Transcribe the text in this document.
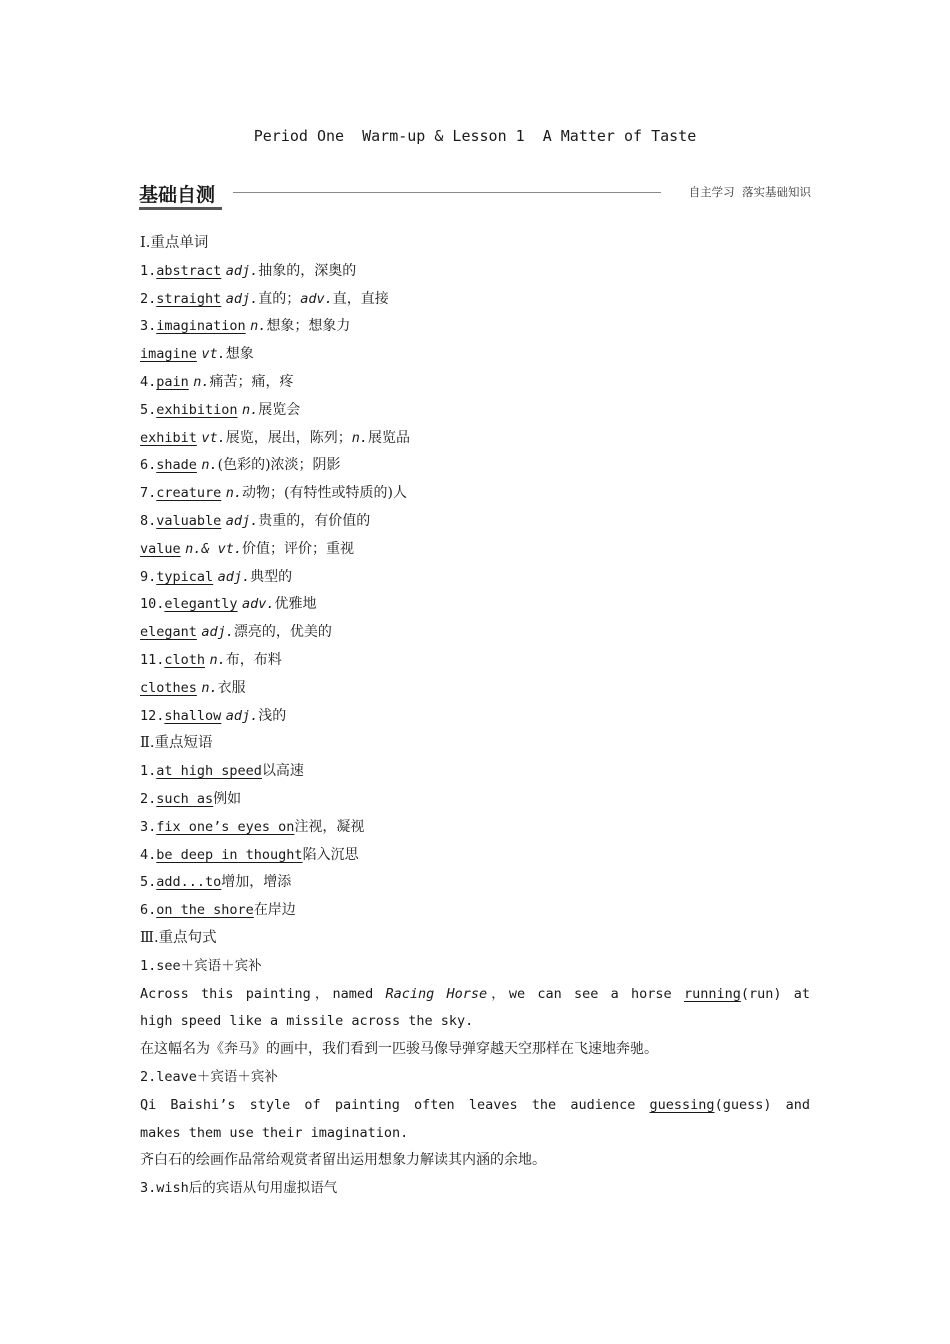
Period One  Warm-up & Lesson 1  A Matter of Taste
基础自测	自主学习  落实基础知识
Ⅰ.重点单词
1.abstract adj.抽象的，深奥的
2.straight adj.直的；adv.直，直接
3.imagination n.想象；想象力
imagine vt.想象
4.pain n.痛苦；痛，疼
5.exhibition n.展览会
exhibit vt.展览，展出，陈列；n.展览品
6.shade n.(色彩的)浓淡；阴影
7.creature n.动物；(有特性或特质的)人
8.valuable adj.贵重的，有价值的
value n.& vt.价值；评价；重视
9.typical adj.典型的
10.elegantly adv.优雅地
elegant adj.漂亮的，优美的
11.cloth n.布，布料
clothes n.衣服
12.shallow adj.浅的
Ⅱ.重点短语
1.at high speed以高速
2.such as例如
3.fix one’s eyes on注视，凝视
4.be deep in thought陷入沉思
5.add...to增加，增添
6.on the shore在岸边
Ⅲ.重点句式
1.see＋宾语＋宾补
Across this painting，named Racing Horse，we can see a horse running(run) at
high speed like a missile across the sky.
在这幅名为《奔马》的画中，我们看到一匹骏马像导弹穿越天空那样在飞速地奔驰。
2.leave＋宾语＋宾补
Qi Baishi’s style of painting often leaves the audience guessing(guess) and
makes them use their imagination.
齐白石的绘画作品常给观赏者留出运用想象力解读其内涵的余地。
3.wish后的宾语从句用虚拟语气
